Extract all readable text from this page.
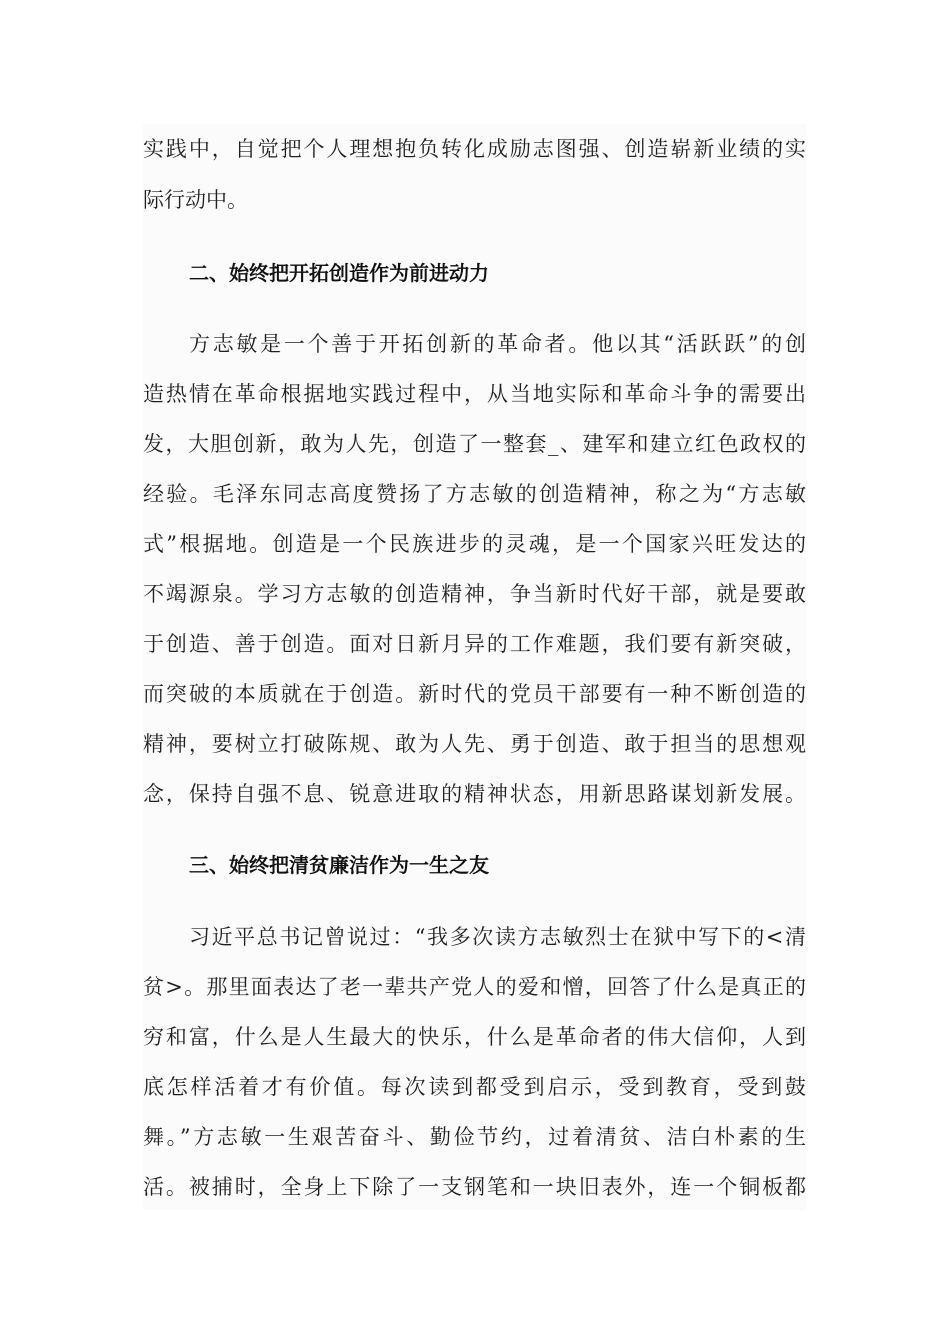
实践中，自觉把个人理想抱负转化成励志图强、创造崭新业绩的实
际行动中。
二、始终把开拓创造作为前进动力
方志敏是一个善于开拓创新的革命者。他以其“活跃跃”的创
造热情在革命根据地实践过程中，从当地实际和革命斗争的需要出
发，大胆创新，敢为人先，创造了一整套_、建军和建立红色政权的
经验。毛泽东同志高度赞扬了方志敏的创造精神，称之为“方志敏
式”根据地。创造是一个民族进步的灵魂，是一个国家兴旺发达的
不竭源泉。学习方志敏的创造精神，争当新时代好干部，就是要敢
于创造、善于创造。面对日新月异的工作难题，我们要有新突破，
而突破的本质就在于创造。新时代的党员干部要有一种不断创造的
精神，要树立打破陈规、敢为人先、勇于创造、敢于担当的思想观
念，保持自强不息、锐意进取的精神状态，用新思路谋划新发展。
三、始终把清贫廉洁作为一生之友
习近平总书记曾说过：“我多次读方志敏烈士在狱中写下的<清
贫>。那里面表达了老一辈共产党人的爱和憎，回答了什么是真正的
穷和富，什么是人生最大的快乐，什么是革命者的伟大信仰，人到
底怎样活着才有价值。每次读到都受到启示，受到教育，受到鼓
舞。”方志敏一生艰苦奋斗、勤俭节约，过着清贫、洁白朴素的生
活。被捕时，全身上下除了一支钢笔和一块旧表外，连一个铜板都
